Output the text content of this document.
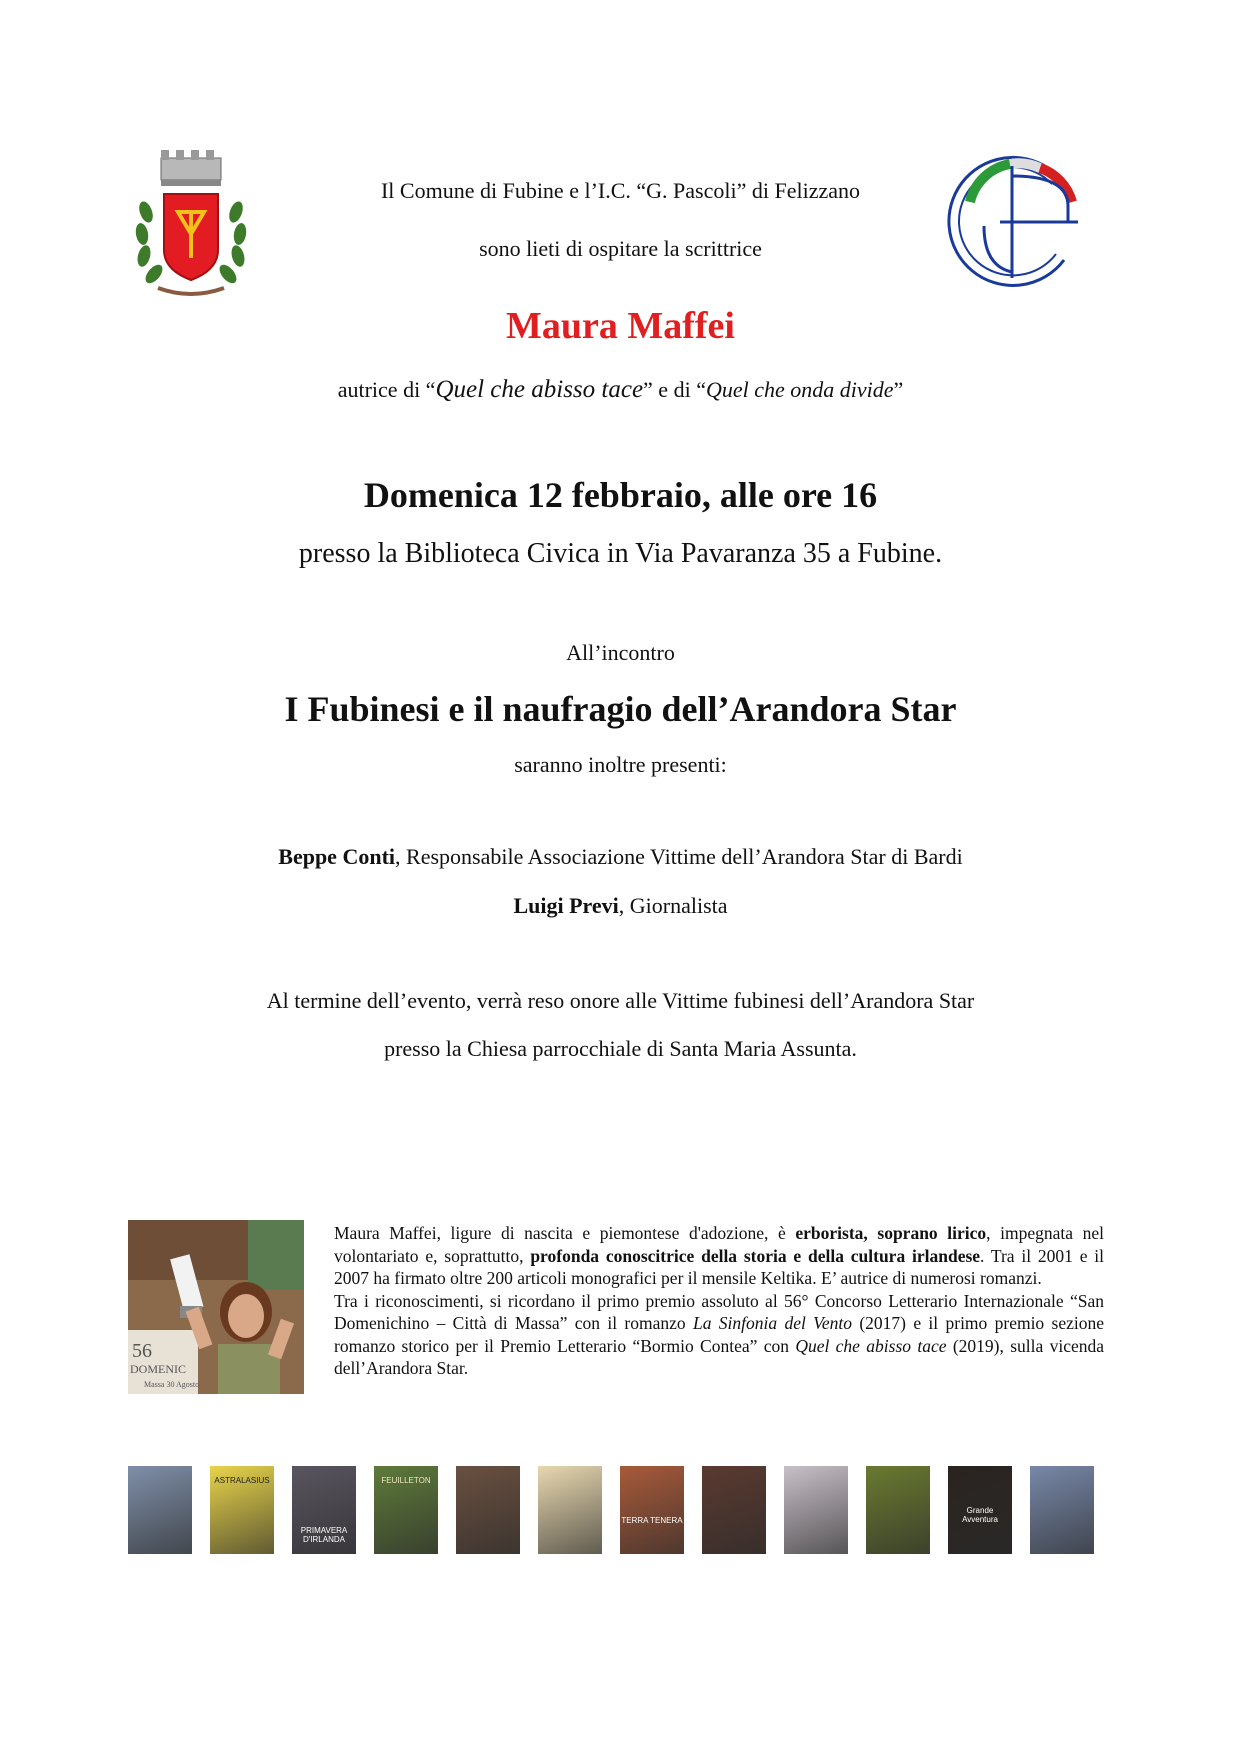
Il Comune di Fubine e l’I.C. “G. Pascoli” di Felizzano
sono lieti di ospitare la scrittrice
Maura Maffei
autrice di “Quel che abisso tace” e di “Quel che onda divide”
Domenica 12 febbraio, alle ore 16
presso la Biblioteca Civica in Via Pavaranza 35 a Fubine.
All’incontro
I Fubinesi e il naufragio dell’Arandora Star
saranno inoltre presenti:
Beppe Conti, Responsabile Associazione Vittime dell’Arandora Star di Bardi
Luigi Previ, Giornalista
Al termine dell’evento, verrà reso onore alle Vittime fubinesi dell’Arandora Star
presso la Chiesa parrocchiale di Santa Maria Assunta.
56
DOMENIC
Massa 30 Agosto
Maura Maffei, ligure di nascita e piemontese d'adozione, è erborista, soprano lirico, impegnata nel volontariato e, soprattutto, profonda conoscitrice della storia e della cultura irlandese. Tra il 2001 e il 2007 ha firmato oltre 200 articoli monografici per il mensile Keltika. E’ autrice di numerosi romanzi.
Tra i riconoscimenti, si ricordano il primo premio assoluto al 56° Concorso Letterario Internazionale “San Domenichino – Città di Massa” con il romanzo La Sinfonia del Vento (2017) e il primo premio sezione romanzo storico per il Premio Letterario “Bormio Contea” con Quel che abisso tace (2019), sulla vicenda dell’Arandora Star.
ASTRALASIUS
PRIMAVERA D'IRLANDA
FEUILLETON
TERRA TENERA
Grande Avventura
